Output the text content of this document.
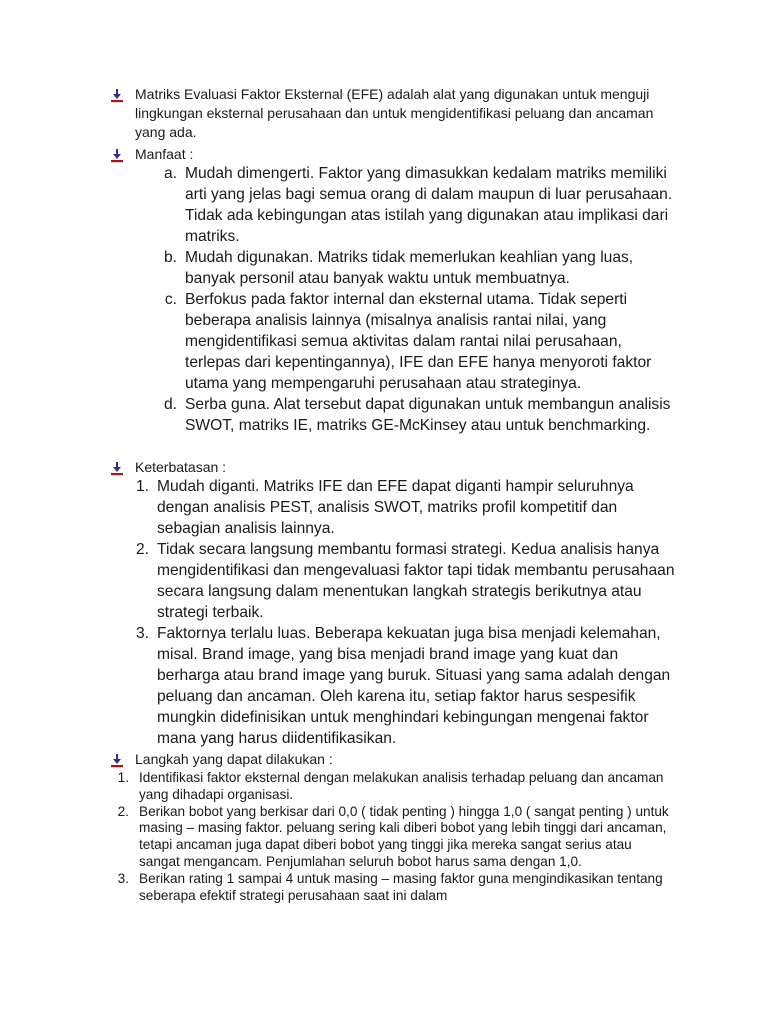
Matriks Evaluasi Faktor Eksternal (EFE) adalah alat yang digunakan untuk menguji lingkungan eksternal perusahaan dan untuk mengidentifikasi peluang dan ancaman yang ada.
Manfaat :
a. Mudah dimengerti. Faktor yang dimasukkan kedalam matriks memiliki arti yang jelas bagi semua orang di dalam maupun di luar perusahaan. Tidak ada kebingungan atas istilah yang digunakan atau implikasi dari matriks.
b. Mudah digunakan. Matriks tidak memerlukan keahlian yang luas, banyak personil atau banyak waktu untuk membuatnya.
c. Berfokus pada faktor internal dan eksternal utama. Tidak seperti beberapa analisis lainnya (misalnya analisis rantai nilai, yang mengidentifikasi semua aktivitas dalam rantai nilai perusahaan, terlepas dari kepentingannya), IFE dan EFE hanya menyoroti faktor utama yang mempengaruhi perusahaan atau strateginya.
d. Serba guna. Alat tersebut dapat digunakan untuk membangun analisis SWOT, matriks IE, matriks GE-McKinsey atau untuk benchmarking.
Keterbatasan :
1. Mudah diganti. Matriks IFE dan EFE dapat diganti hampir seluruhnya dengan analisis PEST, analisis SWOT, matriks profil kompetitif dan sebagian analisis lainnya.
2. Tidak secara langsung membantu formasi strategi. Kedua analisis hanya mengidentifikasi dan mengevaluasi faktor tapi tidak membantu perusahaan secara langsung dalam menentukan langkah strategis berikutnya atau strategi terbaik.
3. Faktornya terlalu luas. Beberapa kekuatan juga bisa menjadi kelemahan, misal. Brand image, yang bisa menjadi brand image yang kuat dan berharga atau brand image yang buruk. Situasi yang sama adalah dengan peluang dan ancaman. Oleh karena itu, setiap faktor harus sespesifik mungkin didefinisikan untuk menghindari kebingungan mengenai faktor mana yang harus diidentifikasikan.
Langkah yang dapat dilakukan :
1. Identifikasi faktor eksternal dengan melakukan analisis terhadap peluang dan ancaman yang dihadapi organisasi.
2. Berikan bobot yang berkisar dari 0,0 ( tidak penting ) hingga 1,0 ( sangat penting ) untuk masing – masing faktor. peluang sering kali diberi bobot yang lebih tinggi dari ancaman, tetapi ancaman juga dapat diberi bobot yang tinggi jika mereka sangat serius atau sangat mengancam. Penjumlahan seluruh bobot harus sama dengan 1,0.
3. Berikan rating 1 sampai 4 untuk masing – masing faktor guna mengindikasikan tentang seberapa efektif strategi perusahaan saat ini dalam
